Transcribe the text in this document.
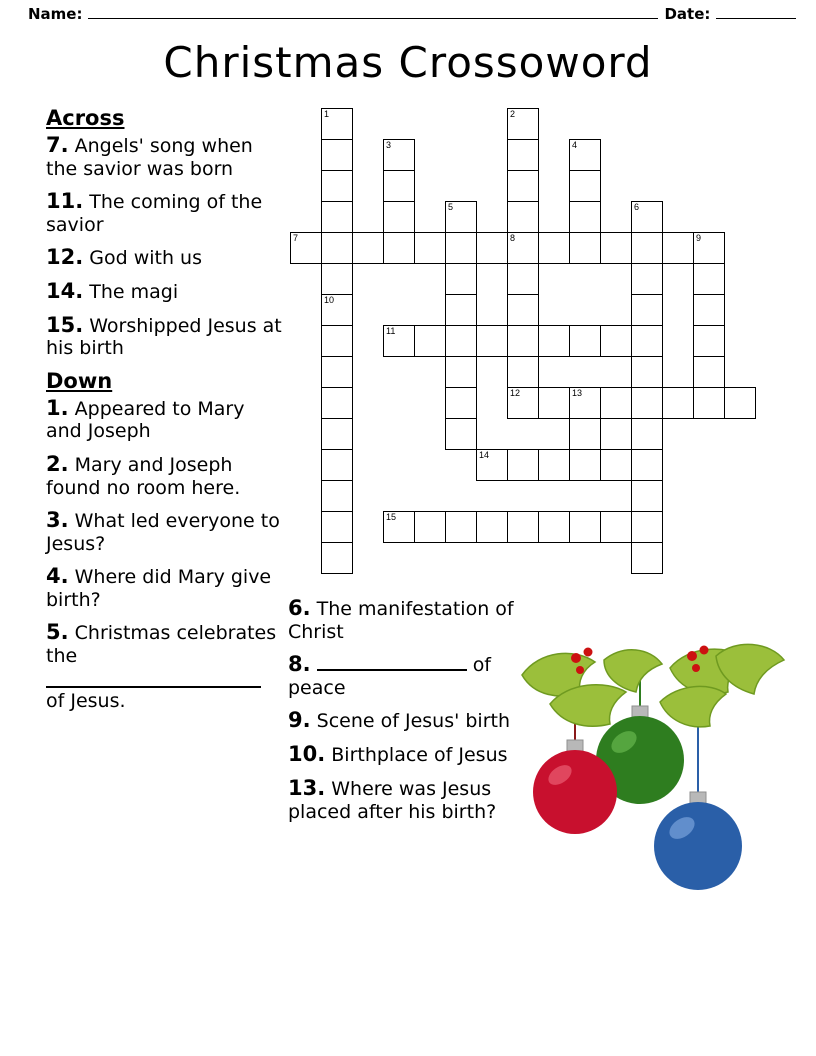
Name:	Date:
Christmas Crossoword
Across
7. Angels' song when the savior was born
11. The coming of the savior
12. God with us
14. The magi
15. Worshipped Jesus at his birth
Down
1. Appeared to Mary and Joseph
2. Mary and Joseph found no room here.
3. What led everyone to Jesus?
4. Where did Mary give birth?
5. Christmas celebrates the
of Jesus.
6. The manifestation of Christ
8.	of peace
9. Scene of Jesus' birth
10. Birthplace of Jesus
13. Where was Jesus placed after his birth?
1
3
5
2
8
4
6
9
7
10
11
12	13
14
15
